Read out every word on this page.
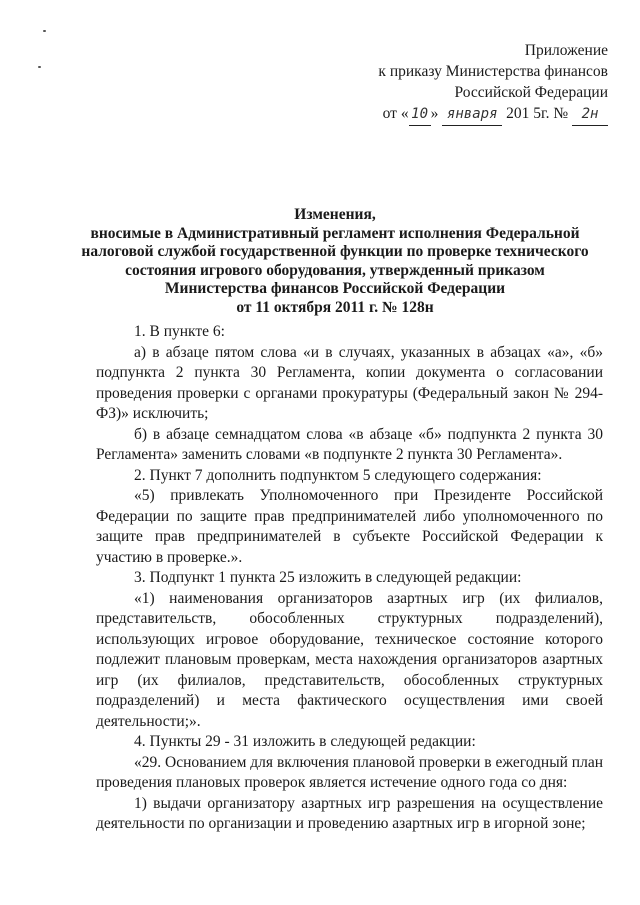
Приложение
к приказу Министерства финансов
Российской Федерации
от « 10 » января 201 5г. № 2н
Изменения,
вносимые в Административный регламент исполнения Федеральной
налоговой службой государственной функции по проверке технического
состояния игрового оборудования, утвержденный приказом
Министерства финансов Российской Федерации
от 11 октября 2011 г. № 128н

1. В пункте 6:

а) в абзаце пятом слова «и в случаях, указанных в абзацах «а», «б» подпункта 2 пункта 30 Регламента, копии документа о согласовании проведения проверки с органами прокуратуры (Федеральный закон № 294-ФЗ)» исключить;

б) в абзаце семнадцатом слова «в абзаце «б» подпункта 2 пункта 30 Регламента» заменить словами «в подпункте 2 пункта 30 Регламента».

2. Пункт 7 дополнить подпунктом 5 следующего содержания:

«5) привлекать Уполномоченного при Президенте Российской Федерации по защите прав предпринимателей либо уполномоченного по защите прав предпринимателей в субъекте Российской Федерации к участию в проверке.».

3. Подпункт 1 пункта 25 изложить в следующей редакции:

«1) наименования организаторов азартных игр (их филиалов, представительств, обособленных структурных подразделений), использующих игровое оборудование, техническое состояние которого подлежит плановым проверкам, места нахождения организаторов азартных игр (их филиалов, представительств, обособленных структурных подразделений) и места фактического осуществления ими своей деятельности;».

4. Пункты 29 - 31 изложить в следующей редакции:

«29. Основанием для включения плановой проверки в ежегодный план проведения плановых проверок является истечение одного года со дня:

1) выдачи организатору азартных игр разрешения на осуществление деятельности по организации и проведению азартных игр в игорной зоне;
